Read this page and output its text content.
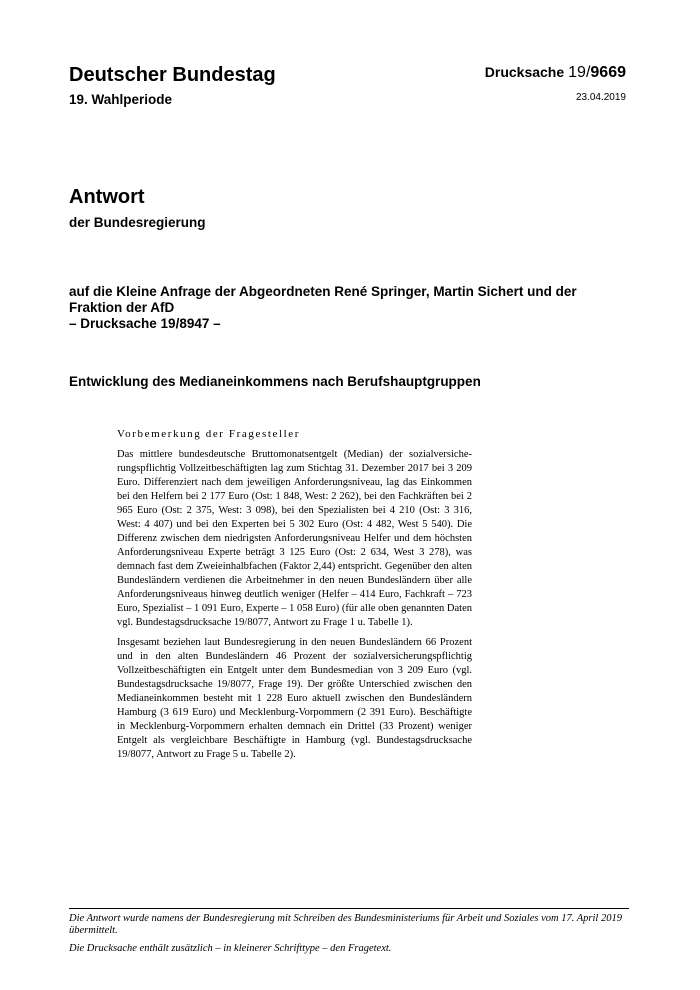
Deutscher Bundestag
19. Wahlperiode
Drucksache 19/9669
23.04.2019
Antwort
der Bundesregierung
auf die Kleine Anfrage der Abgeordneten René Springer, Martin Sichert und der
Fraktion der AfD
– Drucksache 19/8947 –
Entwicklung des Medianeinkommens nach Berufshauptgruppen
Vorbemerkung der Fragesteller

Das mittlere bundesdeutsche Bruttomonatsentgelt (Median) der sozialversicherungspflichtig Vollzeitbeschäftigten lag zum Stichtag 31. Dezember 2017 bei 3 209 Euro. Differenziert nach dem jeweiligen Anforderungsniveau, lag das Einkommen bei den Helfern bei 2 177 Euro (Ost: 1 848, West: 2 262), bei den Fachkräften bei 2 965 Euro (Ost: 2 375, West: 3 098), bei den Spezialisten bei 4 210 (Ost: 3 316, West: 4 407) und bei den Experten bei 5 302 Euro (Ost: 4 482, West 5 540). Die Differenz zwischen dem niedrigsten Anforderungsniveau Helfer und dem höchsten Anforderungsniveau Experte beträgt 3 125 Euro (Ost: 2 634, West 3 278), was demnach fast dem Zweieinhalbfachen (Faktor 2,44) entspricht. Gegenüber den alten Bundesländern verdienen die Arbeitnehmer in den neuen Bundesländern über alle Anforderungsniveaus hinweg deutlich weniger (Helfer – 414 Euro, Fachkraft – 723 Euro, Spezialist – 1 091 Euro, Experte – 1 058 Euro) (für alle oben genannten Daten vgl. Bundestagsdrucksache 19/8077, Antwort zu Frage 1 u. Tabelle 1).

Insgesamt beziehen laut Bundesregierung in den neuen Bundesländern 66 Prozent und in den alten Bundesländern 46 Prozent der sozialversicherungspflichtig Vollzeitbeschäftigten ein Entgelt unter dem Bundesmedian von 3 209 Euro (vgl. Bundestagsdrucksache 19/8077, Frage 19). Der größte Unterschied zwischen den Medianeinkommen besteht mit 1 228 Euro aktuell zwischen den Bundesländern Hamburg (3 619 Euro) und Mecklenburg-Vorpommern (2 391 Euro). Beschäftigte in Mecklenburg-Vorpommern erhalten demnach ein Drittel (33 Prozent) weniger Entgelt als vergleichbare Beschäftigte in Hamburg (vgl. Bundestagsdrucksache 19/8077, Antwort zu Frage 5 u. Tabelle 2).

Die Antwort wurde namens der Bundesregierung mit Schreiben des Bundesministeriums für Arbeit und Soziales vom 17. April 2019 übermittelt.

Die Drucksache enthält zusätzlich – in kleinerer Schrifttype – den Fragetext.
